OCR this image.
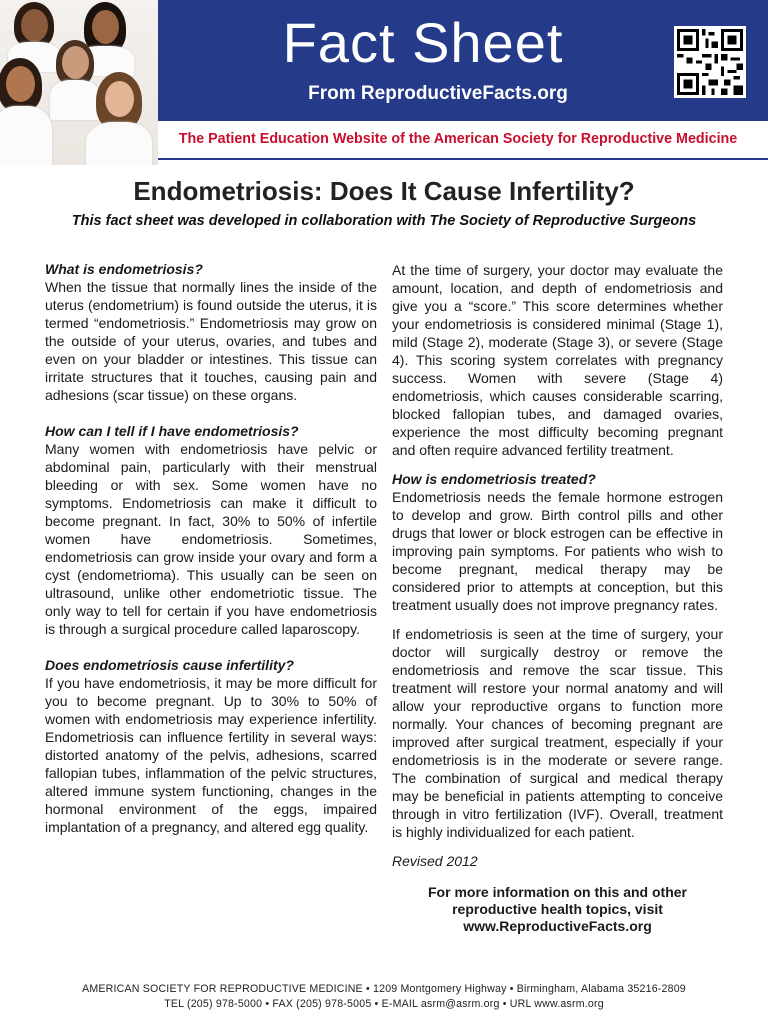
Fact Sheet
From ReproductiveFacts.org
The Patient Education Website of the American Society for Reproductive Medicine
Endometriosis: Does It Cause Infertility?
This fact sheet was developed in collaboration with The Society of Reproductive Surgeons
What is endometriosis?

When the tissue that normally lines the inside of the uterus (endometrium) is found outside the uterus, it is termed “endometriosis.” Endometriosis may grow on the outside of your uterus, ovaries, and tubes and even on your bladder or intestines. This tissue can irritate structures that it touches, causing pain and adhesions (scar tissue) on these organs.

How can I tell if I have endometriosis?

Many women with endometriosis have pelvic or abdominal pain, particularly with their menstrual bleeding or with sex. Some women have no symptoms. Endometriosis can make it difficult to become pregnant. In fact, 30% to 50% of infertile women have endometriosis. Sometimes, endometriosis can grow inside your ovary and form a cyst (endometrioma). This usually can be seen on ultrasound, unlike other endometriotic tissue. The only way to tell for certain if you have endometriosis is through a surgical procedure called laparoscopy.

Does endometriosis cause infertility?

If you have endometriosis, it may be more difficult for you to become pregnant. Up to 30% to 50% of women with endometriosis may experience infertility. Endometriosis can influence fertility in several ways: distorted anatomy of the pelvis, adhesions, scarred fallopian tubes, inflammation of the pelvic structures, altered immune system functioning, changes in the hormonal environment of the eggs, impaired implantation of a pregnancy, and altered egg quality.

At the time of surgery, your doctor may evaluate the amount, location, and depth of endometriosis and give you a “score.” This score determines whether your endometriosis is considered minimal (Stage 1), mild (Stage 2), moderate (Stage 3), or severe (Stage 4). This scoring system correlates with pregnancy success. Women with severe (Stage 4) endometriosis, which causes considerable scarring, blocked fallopian tubes, and damaged ovaries, experience the most difficulty becoming pregnant and often require advanced fertility treatment.

How is endometriosis treated?

Endometriosis needs the female hormone estrogen to develop and grow. Birth control pills and other drugs that lower or block estrogen can be effective in improving pain symptoms. For patients who wish to become pregnant, medical therapy may be considered prior to attempts at conception, but this treatment usually does not improve pregnancy rates.

If endometriosis is seen at the time of surgery, your doctor will surgically destroy or remove the endometriosis and remove the scar tissue. This treatment will restore your normal anatomy and will allow your reproductive organs to function more normally. Your chances of becoming pregnant are improved after surgical treatment, especially if your endometriosis is in the moderate or severe range. The combination of surgical and medical therapy may be beneficial in patients attempting to conceive through in vitro fertilization (IVF). Overall, treatment is highly individualized for each patient.

Revised 2012

For more information on this and other reproductive health topics, visit www.ReproductiveFacts.org

AMERICAN SOCIETY FOR REPRODUCTIVE MEDICINE • 1209 Montgomery Highway • Birmingham, Alabama 35216-2809
TEL (205) 978-5000 • FAX (205) 978-5005 • E-MAIL asrm@asrm.org • URL www.asrm.org
